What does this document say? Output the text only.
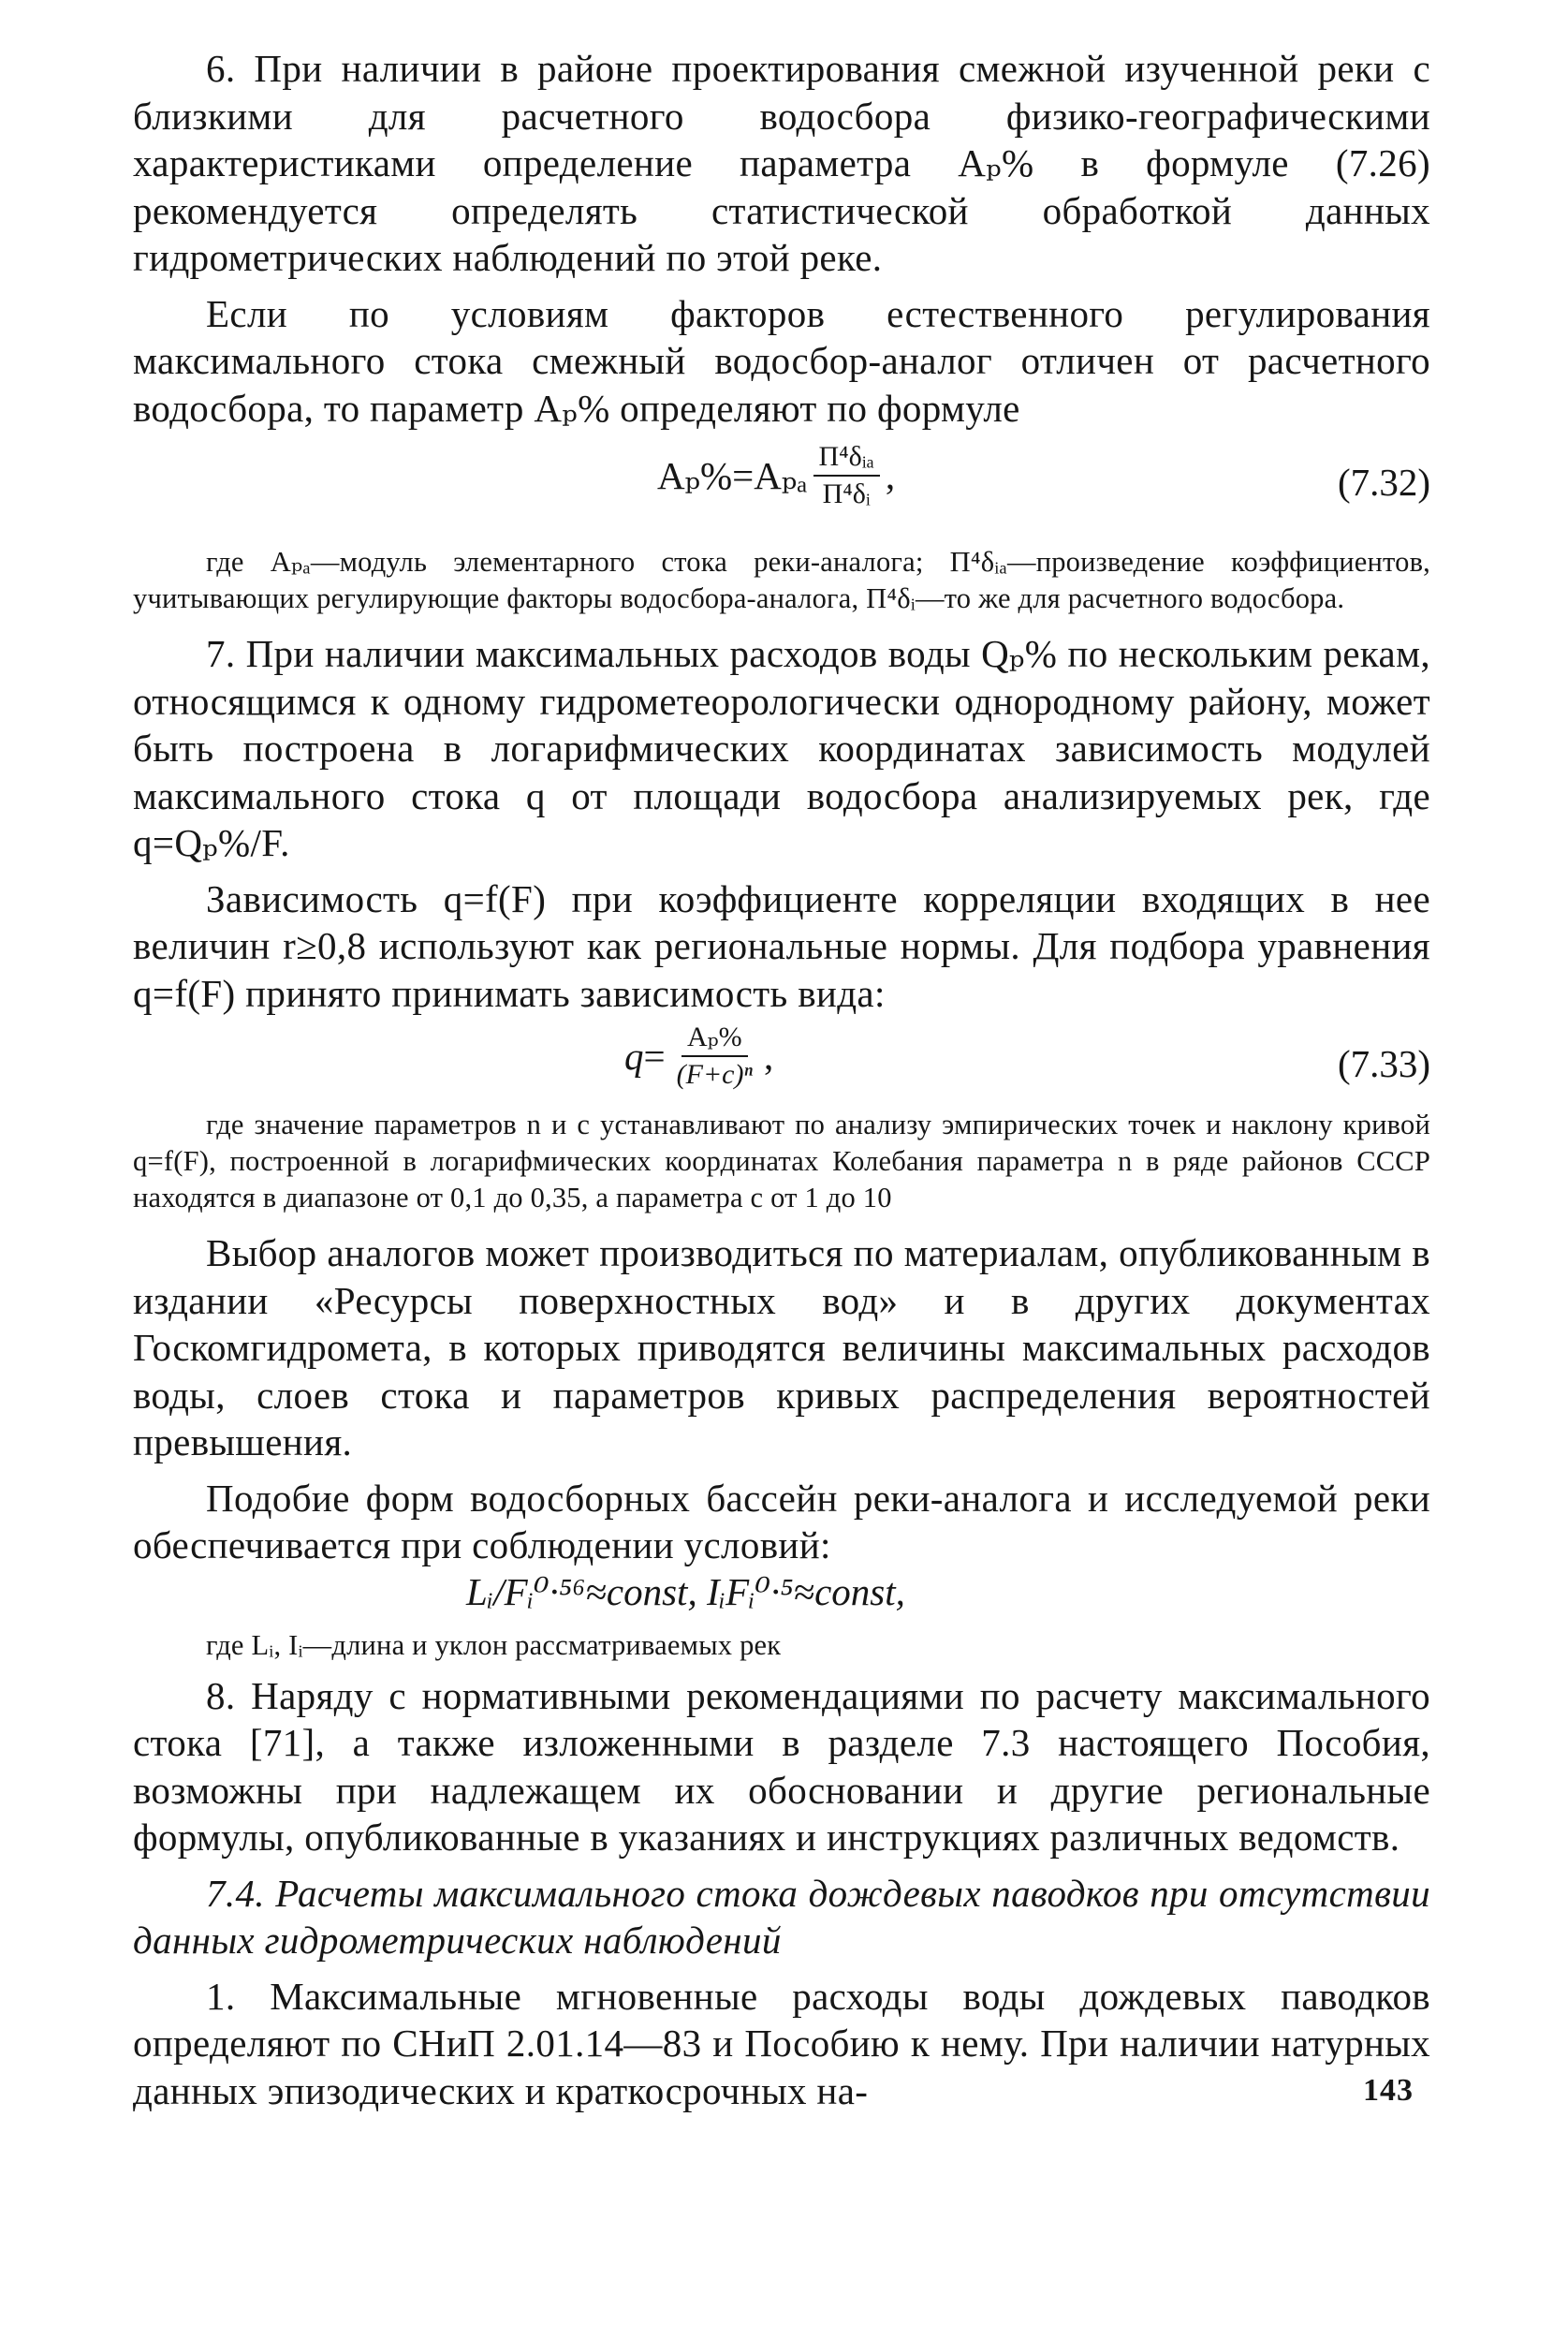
6. При наличии в районе проектирования смежной изученной реки с близкими для расчетного водосбора физико-географическими характеристиками определение параметра Aₚ% в формуле (7.26) рекомендуется определять статистической обработкой данных гидрометрических наблюдений по этой реке.

Если по условиям факторов естественного регулирования максимального стока смежный водосбор-аналог отличен от расчетного водосбора, то параметр Aₚ% определяют по формуле

Aₚ% = Aₚₐ $\frac{\text{Π⁴δᵢₐ}}{\text{Π⁴δᵢ}}$ ,	(7.32)

где Aₚₐ—модуль элементарного стока реки-аналога; Π⁴δᵢₐ—произведение коэффициентов, учитывающих регулирующие факторы водосбора-аналога, Π⁴δᵢ—то же для расчетного водосбора.

7. При наличии максимальных расходов воды Qₚ% по нескольким рекам, относящимся к одному гидрометеорологически однородному району, может быть построена в логарифмических координатах зависимость модулей максимального стока q от площади водосбора анализируемых рек, где q=Qₚ%/F.

Зависимость q=f(F) при коэффициенте корреляции входящих в нее величин r≥0,8 используют как региональные нормы. Для подбора уравнения q=f(F) принято принимать зависимость вида:

$q = \frac{\text{Aₚ\%}}{\text{(F+c)ⁿ}}$ ,	(7.33)

где значение параметров n и c устанавливают по анализу эмпирических точек и наклону кривой q=f(F), построенной в логарифмических координатах Колебания параметра n в ряде районов СССР находятся в диапазоне от 0,1 до 0,35, а параметра c от 1 до 10

Выбор аналогов может производиться по материалам, опубликованным в издании «Ресурсы поверхностных вод» и в других документах Госкомгидромета, в которых приводятся величины максимальных расходов воды, слоев стока и параметров кривых распределения вероятностей превышения.

Подобие форм водосборных бассейн реки-аналога и исследуемой реки обеспечивается при соблюдении условий:

Lᵢ/Fᵢ⁰·⁵⁶≈const, IᵢFᵢ⁰·⁵≈const,

где Lᵢ, Iᵢ—длина и уклон рассматриваемых рек

8. Наряду с нормативными рекомендациями по расчету максимального стока [71], а также изложенными в разделе 7.3 настоящего Пособия, возможны при надлежащем их обосновании и другие региональные формулы, опубликованные в указаниях и инструкциях различных ведомств.

7.4. Расчеты максимального стока дождевых паводков при отсутствии данных гидрометрических наблюдений

1. Максимальные мгновенные расходы воды дождевых паводков определяют по СНиП 2.01.14—83 и Пособию к нему. При наличии натурных данных эпизодических и краткосрочных на-	143
